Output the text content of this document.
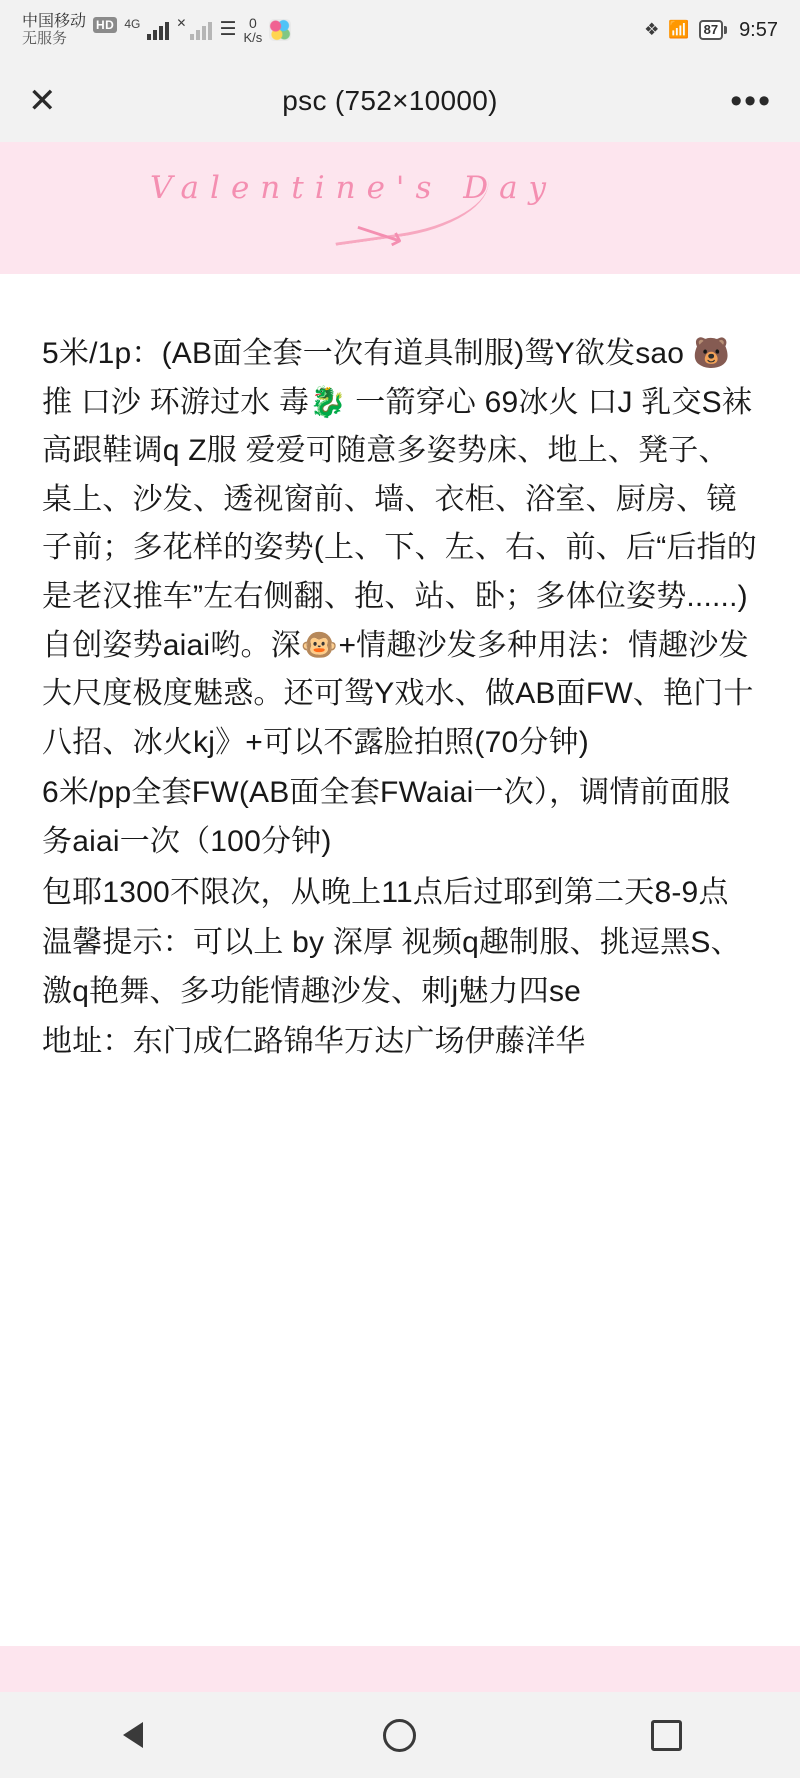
中国移动
无服务
HD 4G	✕ ☰ 0
K/s	❖ 📶	87 9:57
✕	psc (752×10000)	•••
Valentine's Day
⟶

5米/1p：(AB面全套一次有道具制服)鸳Y欲发sao 🐻推 口沙 环游过水 毒🐉 一箭穿心 69冰火 口J 乳交S袜高跟鞋调q Z服 爱爱可随意多姿势床、地上、凳子、桌上、沙发、透视窗前、墙、衣柜、浴室、厨房、镜子前；多花样的姿势(上、下、左、右、前、后“后指的是老汉推车”左右侧翻、抱、站、卧；多体位姿势......)自创姿势aiai哟。深🐵+情趣沙发多种用法：情趣沙发大尺度极度魅惑。还可鸳Y戏水、做AB面FW、艳门十八招、冰火kj》+可以不露脸拍照(70分钟)

6米/pp全套FW(AB面全套FWaiai一次），调情前面服务aiai一次（100分钟)

包耶1300不限次，从晚上11点后过耶到第二天8-9点

温馨提示：可以上 by 深厚 视频q趣制服、挑逗黑S、激q艳舞、多功能情趣沙发、刺j魅力四se

地址：东门成仁路锦华万达广场伊藤洋华
